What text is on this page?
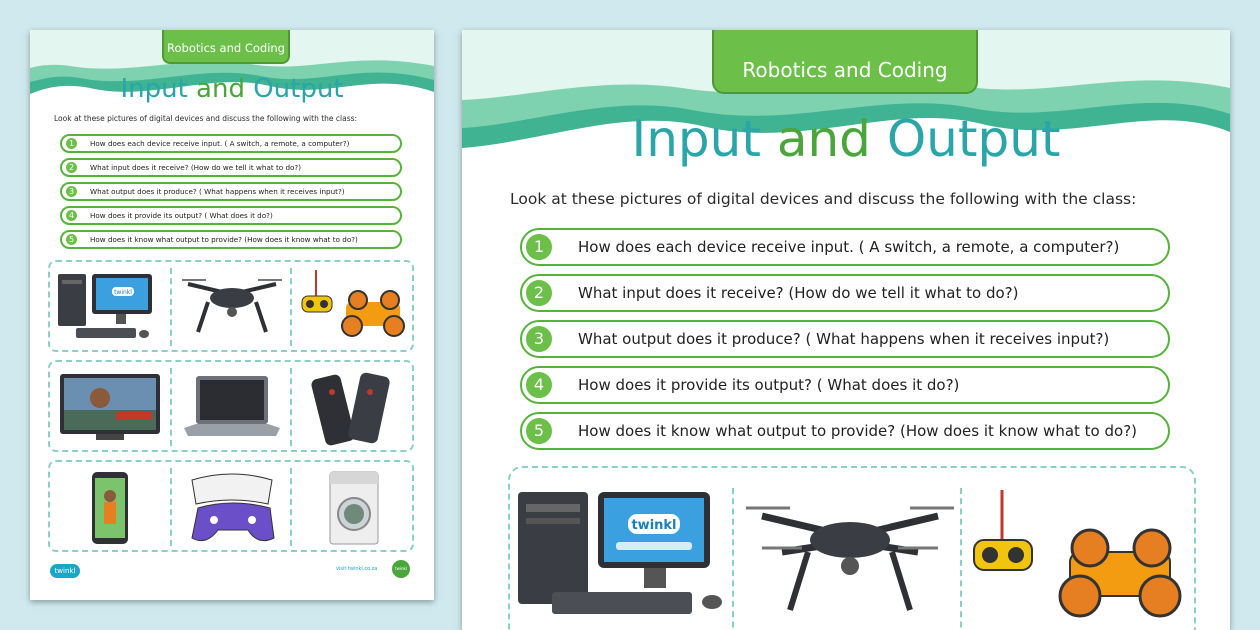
Robotics and Coding
Input and Output
Look at these pictures of digital devices and discuss the following with the class:
1	How does each device receive input. ( A switch, a remote, a computer?)
2	What input does it receive? (How do we tell it what to do?)
3	What output does it produce? ( What happens when it receives input?)
4	How does it provide its output? ( What does it do?)
5	How does it know what output to provide? (How does it know what to do?)
twinkl
twinkl	visit twinkl.co.za	twinkl
Robotics and Coding
Input and Output
Look at these pictures of digital devices and discuss the following with the class:
1	How does each device receive input. ( A switch, a remote, a computer?)
2	What input does it receive? (How do we tell it what to do?)
3	What output does it produce? ( What happens when it receives input?)
4	How does it provide its output? ( What does it do?)
5	How does it know what output to provide? (How does it know what to do?)
twinkl
